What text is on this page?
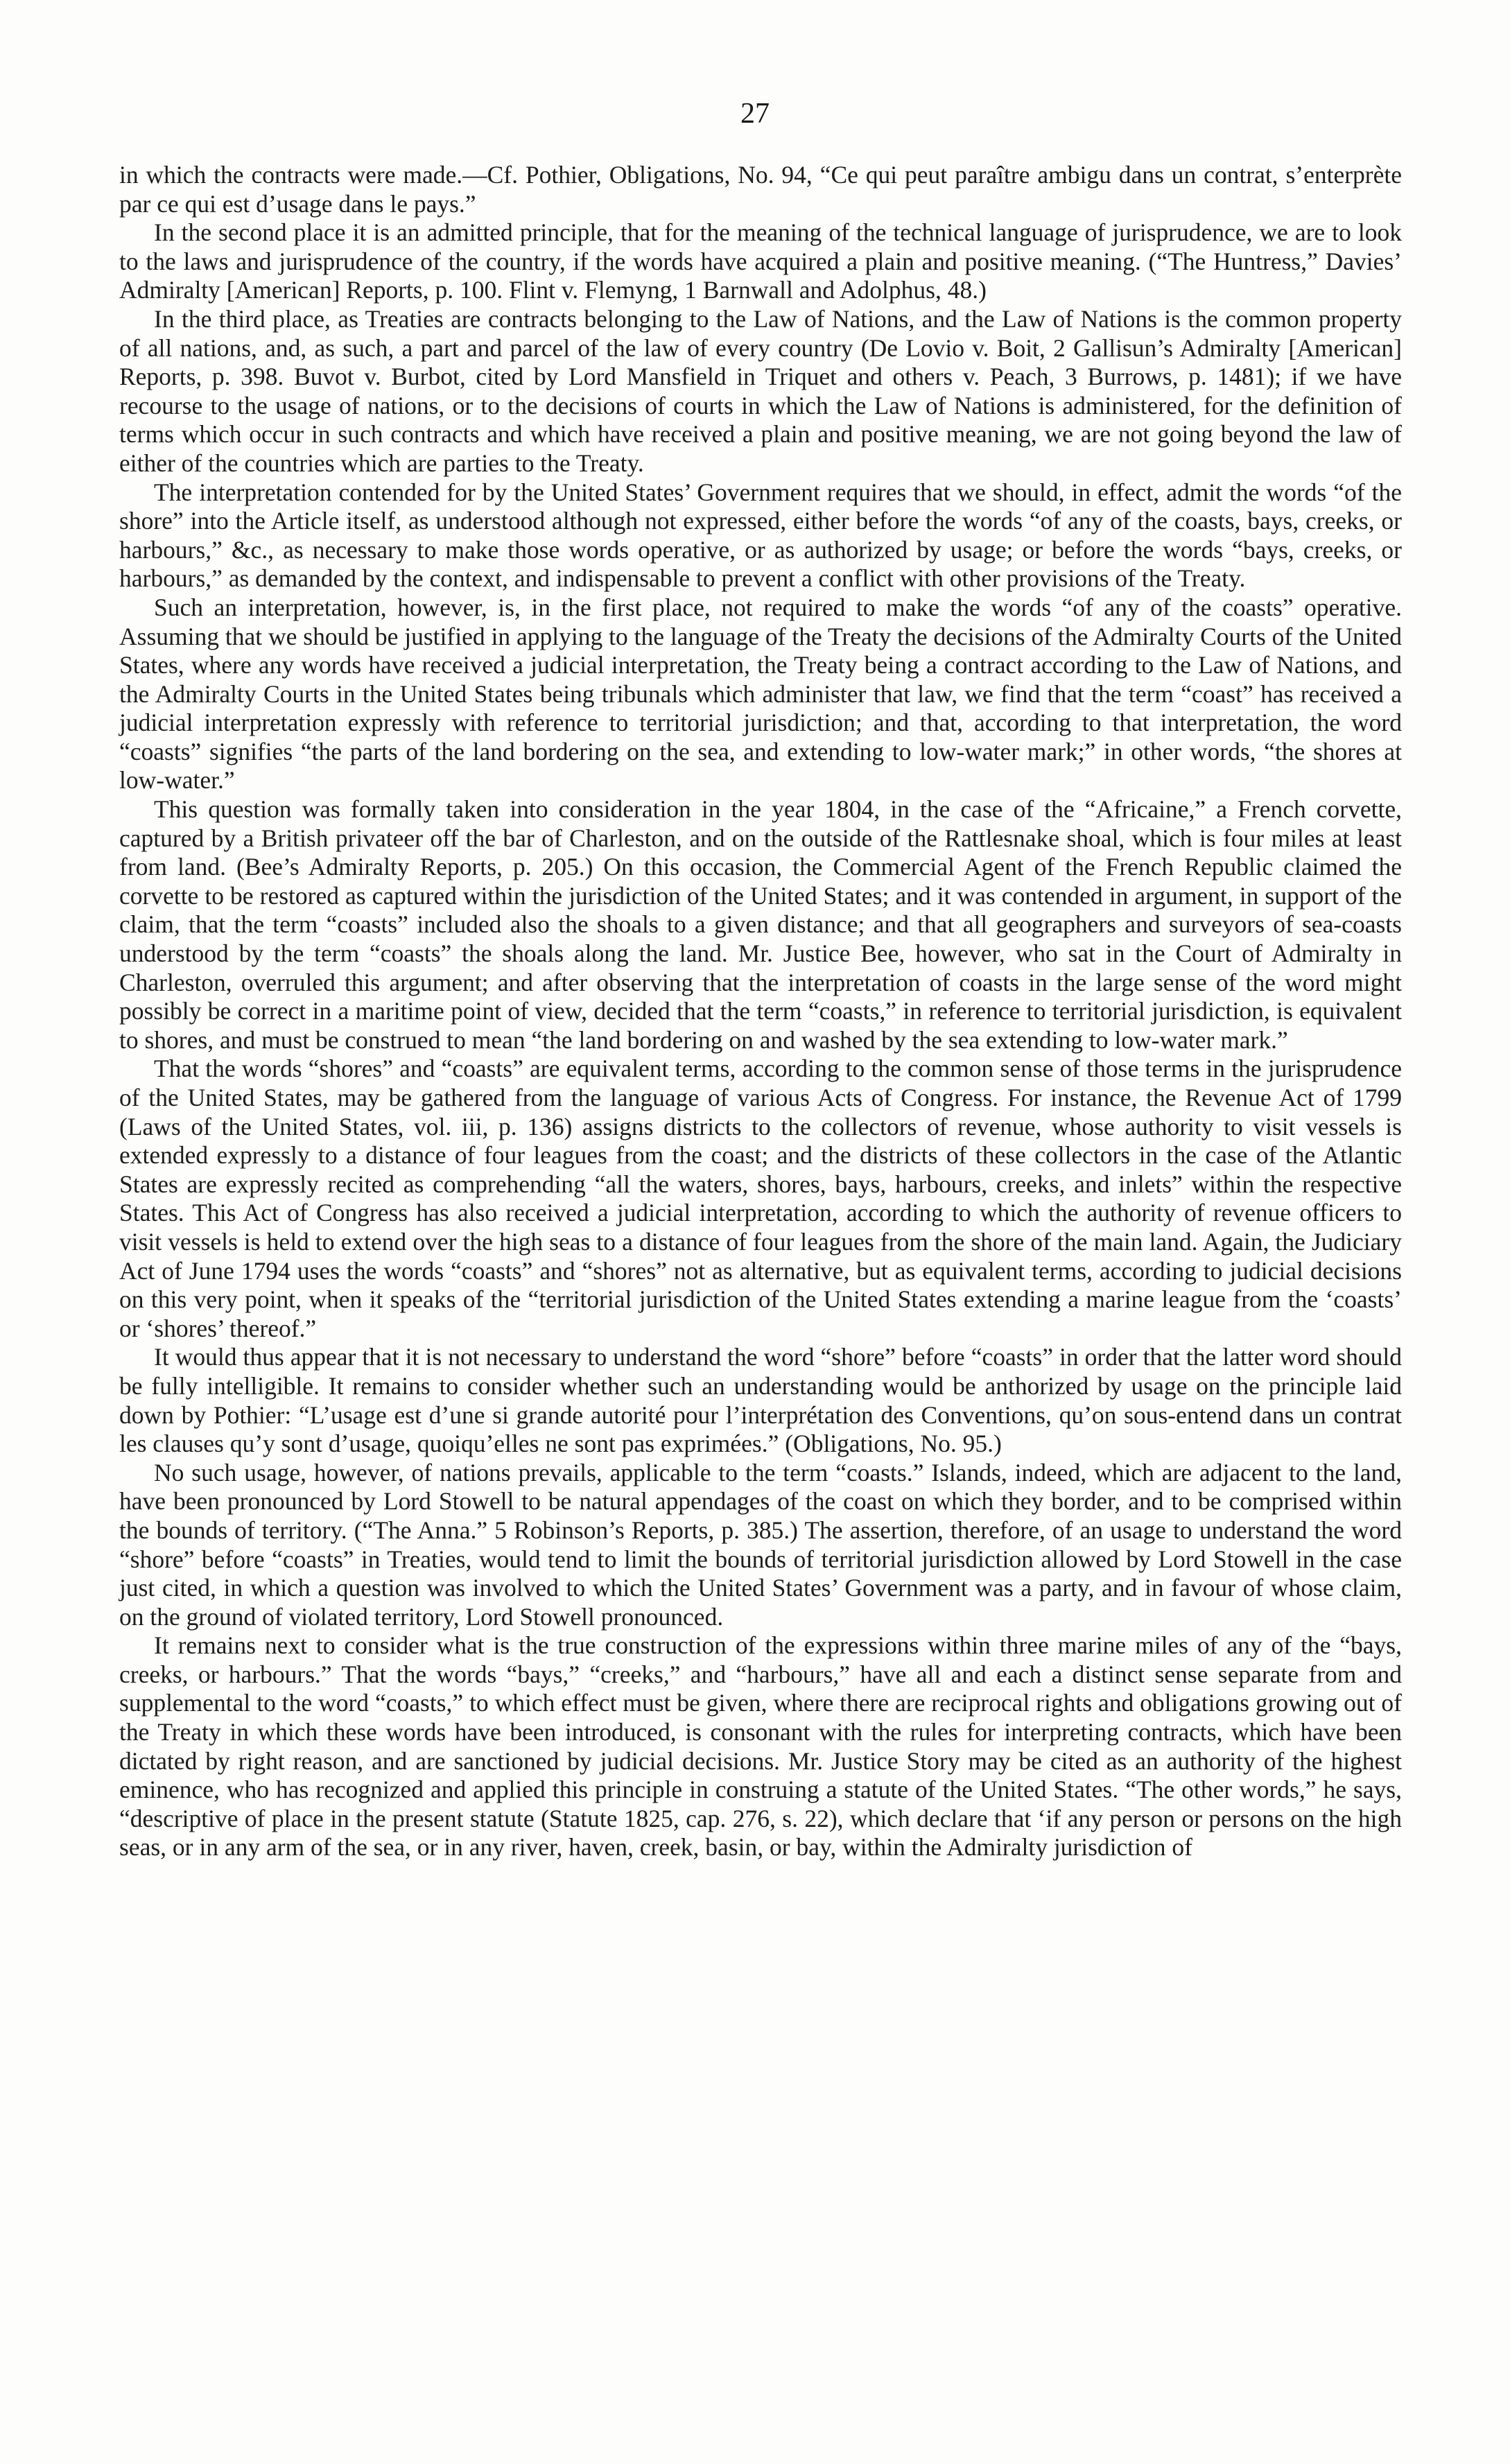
27

in which the contracts were made.—Cf. Pothier, Obligations, No. 94, “Ce qui peut paraître ambigu dans un contrat, s’enterprète par ce qui est d’usage dans le pays.”

In the second place it is an admitted principle, that for the meaning of the technical language of jurisprudence, we are to look to the laws and jurisprudence of the country, if the words have acquired a plain and positive meaning. (“The Huntress,” Davies’ Admiralty [American] Reports, p. 100. Flint v. Flemyng, 1 Barnwall and Adolphus, 48.)

In the third place, as Treaties are contracts belonging to the Law of Nations, and the Law of Nations is the common property of all nations, and, as such, a part and parcel of the law of every country (De Lovio v. Boit, 2 Gallisun’s Admiralty [American] Reports, p. 398. Buvot v. Burbot, cited by Lord Mansfield in Triquet and others v. Peach, 3 Burrows, p. 1481); if we have recourse to the usage of nations, or to the decisions of courts in which the Law of Nations is administered, for the definition of terms which occur in such contracts and which have received a plain and positive meaning, we are not going beyond the law of either of the countries which are parties to the Treaty.

The interpretation contended for by the United States’ Government requires that we should, in effect, admit the words “of the shore” into the Article itself, as understood although not expressed, either before the words “of any of the coasts, bays, creeks, or harbours,” &c., as necessary to make those words operative, or as authorized by usage; or before the words “bays, creeks, or harbours,” as demanded by the context, and indispensable to prevent a conflict with other provisions of the Treaty.

Such an interpretation, however, is, in the first place, not required to make the words “of any of the coasts” operative. Assuming that we should be justified in applying to the language of the Treaty the decisions of the Admiralty Courts of the United States, where any words have received a judicial interpretation, the Treaty being a contract according to the Law of Nations, and the Admiralty Courts in the United States being tribunals which administer that law, we find that the term “coast” has received a judicial interpretation expressly with reference to territorial jurisdiction; and that, according to that interpretation, the word “coasts” signifies “the parts of the land bordering on the sea, and extending to low-water mark;” in other words, “the shores at low-water.”

This question was formally taken into consideration in the year 1804, in the case of the “Africaine,” a French corvette, captured by a British privateer off the bar of Charleston, and on the outside of the Rattlesnake shoal, which is four miles at least from land. (Bee’s Admiralty Reports, p. 205.) On this occasion, the Commercial Agent of the French Republic claimed the corvette to be restored as captured within the jurisdiction of the United States; and it was contended in argument, in support of the claim, that the term “coasts” included also the shoals to a given distance; and that all geographers and surveyors of sea-coasts understood by the term “coasts” the shoals along the land. Mr. Justice Bee, however, who sat in the Court of Admiralty in Charleston, overruled this argument; and after observing that the interpretation of coasts in the large sense of the word might possibly be correct in a maritime point of view, decided that the term “coasts,” in reference to territorial jurisdiction, is equivalent to shores, and must be construed to mean “the land bordering on and washed by the sea extending to low-water mark.”

That the words “shores” and “coasts” are equivalent terms, according to the common sense of those terms in the jurisprudence of the United States, may be gathered from the language of various Acts of Congress. For instance, the Revenue Act of 1799 (Laws of the United States, vol. iii, p. 136) assigns districts to the collectors of revenue, whose authority to visit vessels is extended expressly to a distance of four leagues from the coast; and the districts of these collectors in the case of the Atlantic States are expressly recited as comprehending “all the waters, shores, bays, harbours, creeks, and inlets” within the respective States. This Act of Congress has also received a judicial interpretation, according to which the authority of revenue officers to visit vessels is held to extend over the high seas to a distance of four leagues from the shore of the main land. Again, the Judiciary Act of June 1794 uses the words “coasts” and “shores” not as alternative, but as equivalent terms, according to judicial decisions on this very point, when it speaks of the “territorial jurisdiction of the United States extending a marine league from the ‘coasts’ or ‘shores’ thereof.”

It would thus appear that it is not necessary to understand the word “shore” before “coasts” in order that the latter word should be fully intelligible. It remains to consider whether such an understanding would be anthorized by usage on the principle laid down by Pothier: “L’usage est d’une si grande autorité pour l’interprétation des Conventions, qu’on sous-entend dans un contrat les clauses qu’y sont d’usage, quoiqu’elles ne sont pas exprimées.” (Obligations, No. 95.)

No such usage, however, of nations prevails, applicable to the term “coasts.” Islands, indeed, which are adjacent to the land, have been pronounced by Lord Stowell to be natural appendages of the coast on which they border, and to be comprised within the bounds of territory. (“The Anna.” 5 Robinson’s Reports, p. 385.) The assertion, therefore, of an usage to understand the word “shore” before “coasts” in Treaties, would tend to limit the bounds of territorial jurisdiction allowed by Lord Stowell in the case just cited, in which a question was involved to which the United States’ Government was a party, and in favour of whose claim, on the ground of violated territory, Lord Stowell pronounced.

It remains next to consider what is the true construction of the expressions within three marine miles of any of the “bays, creeks, or harbours.” That the words “bays,” “creeks,” and “harbours,” have all and each a distinct sense separate from and supplemental to the word “coasts,” to which effect must be given, where there are reciprocal rights and obligations growing out of the Treaty in which these words have been introduced, is consonant with the rules for interpreting contracts, which have been dictated by right reason, and are sanctioned by judicial decisions. Mr. Justice Story may be cited as an authority of the highest eminence, who has recognized and applied this principle in construing a statute of the United States. “The other words,” he says, “descriptive of place in the present statute (Statute 1825, cap. 276, s. 22), which declare that ‘if any person or persons on the high seas, or in any arm of the sea, or in any river, haven, creek, basin, or bay, within the Admiralty jurisdiction of
